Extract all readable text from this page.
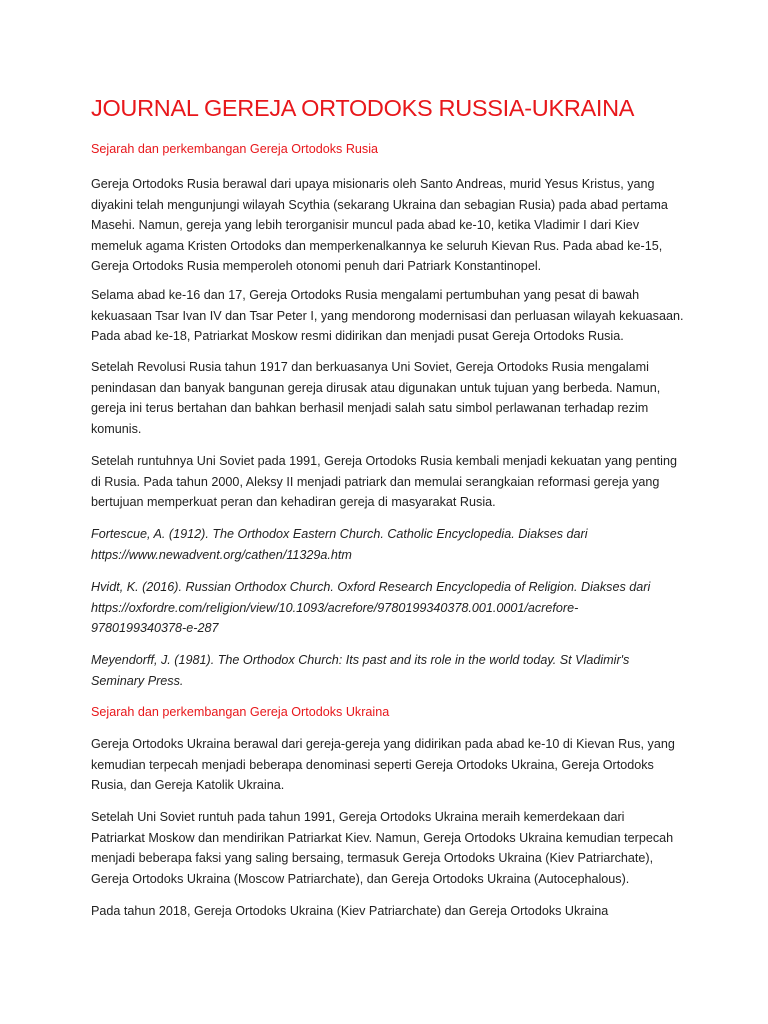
JOURNAL GEREJA ORTODOKS RUSSIA-UKRAINA
Sejarah dan perkembangan Gereja Ortodoks Rusia

Gereja Ortodoks Rusia berawal dari upaya misionaris oleh Santo Andreas, murid Yesus Kristus, yang
diyakini telah mengunjungi wilayah Scythia (sekarang Ukraina dan sebagian Rusia) pada abad pertama
Masehi. Namun, gereja yang lebih terorganisir muncul pada abad ke-10, ketika Vladimir I dari Kiev
memeluk agama Kristen Ortodoks dan memperkenalkannya ke seluruh Kievan Rus. Pada abad ke-15,
Gereja Ortodoks Rusia memperoleh otonomi penuh dari Patriark Konstantinopel.

Selama abad ke-16 dan 17, Gereja Ortodoks Rusia mengalami pertumbuhan yang pesat di bawah
kekuasaan Tsar Ivan IV dan Tsar Peter I, yang mendorong modernisasi dan perluasan wilayah kekuasaan.
Pada abad ke-18, Patriarkat Moskow resmi didirikan dan menjadi pusat Gereja Ortodoks Rusia.

Setelah Revolusi Rusia tahun 1917 dan berkuasanya Uni Soviet, Gereja Ortodoks Rusia mengalami
penindasan dan banyak bangunan gereja dirusak atau digunakan untuk tujuan yang berbeda. Namun,
gereja ini terus bertahan dan bahkan berhasil menjadi salah satu simbol perlawanan terhadap rezim
komunis.

Setelah runtuhnya Uni Soviet pada 1991, Gereja Ortodoks Rusia kembali menjadi kekuatan yang penting
di Rusia. Pada tahun 2000, Aleksy II menjadi patriark dan memulai serangkaian reformasi gereja yang
bertujuan memperkuat peran dan kehadiran gereja di masyarakat Rusia.

Fortescue, A. (1912). The Orthodox Eastern Church. Catholic Encyclopedia. Diakses dari
https://www.newadvent.org/cathen/11329a.htm

Hvidt, K. (2016). Russian Orthodox Church. Oxford Research Encyclopedia of Religion. Diakses dari
https://oxfordre.com/religion/view/10.1093/acrefore/9780199340378.001.0001/acrefore-
9780199340378-e-287

Meyendorff, J. (1981). The Orthodox Church: Its past and its role in the world today. St Vladimir's
Seminary Press.

Sejarah dan perkembangan Gereja Ortodoks Ukraina

Gereja Ortodoks Ukraina berawal dari gereja-gereja yang didirikan pada abad ke-10 di Kievan Rus, yang
kemudian terpecah menjadi beberapa denominasi seperti Gereja Ortodoks Ukraina, Gereja Ortodoks
Rusia, dan Gereja Katolik Ukraina.

Setelah Uni Soviet runtuh pada tahun 1991, Gereja Ortodoks Ukraina meraih kemerdekaan dari
Patriarkat Moskow dan mendirikan Patriarkat Kiev. Namun, Gereja Ortodoks Ukraina kemudian terpecah
menjadi beberapa faksi yang saling bersaing, termasuk Gereja Ortodoks Ukraina (Kiev Patriarchate),
Gereja Ortodoks Ukraina (Moscow Patriarchate), dan Gereja Ortodoks Ukraina (Autocephalous).

Pada tahun 2018, Gereja Ortodoks Ukraina (Kiev Patriarchate) dan Gereja Ortodoks Ukraina
